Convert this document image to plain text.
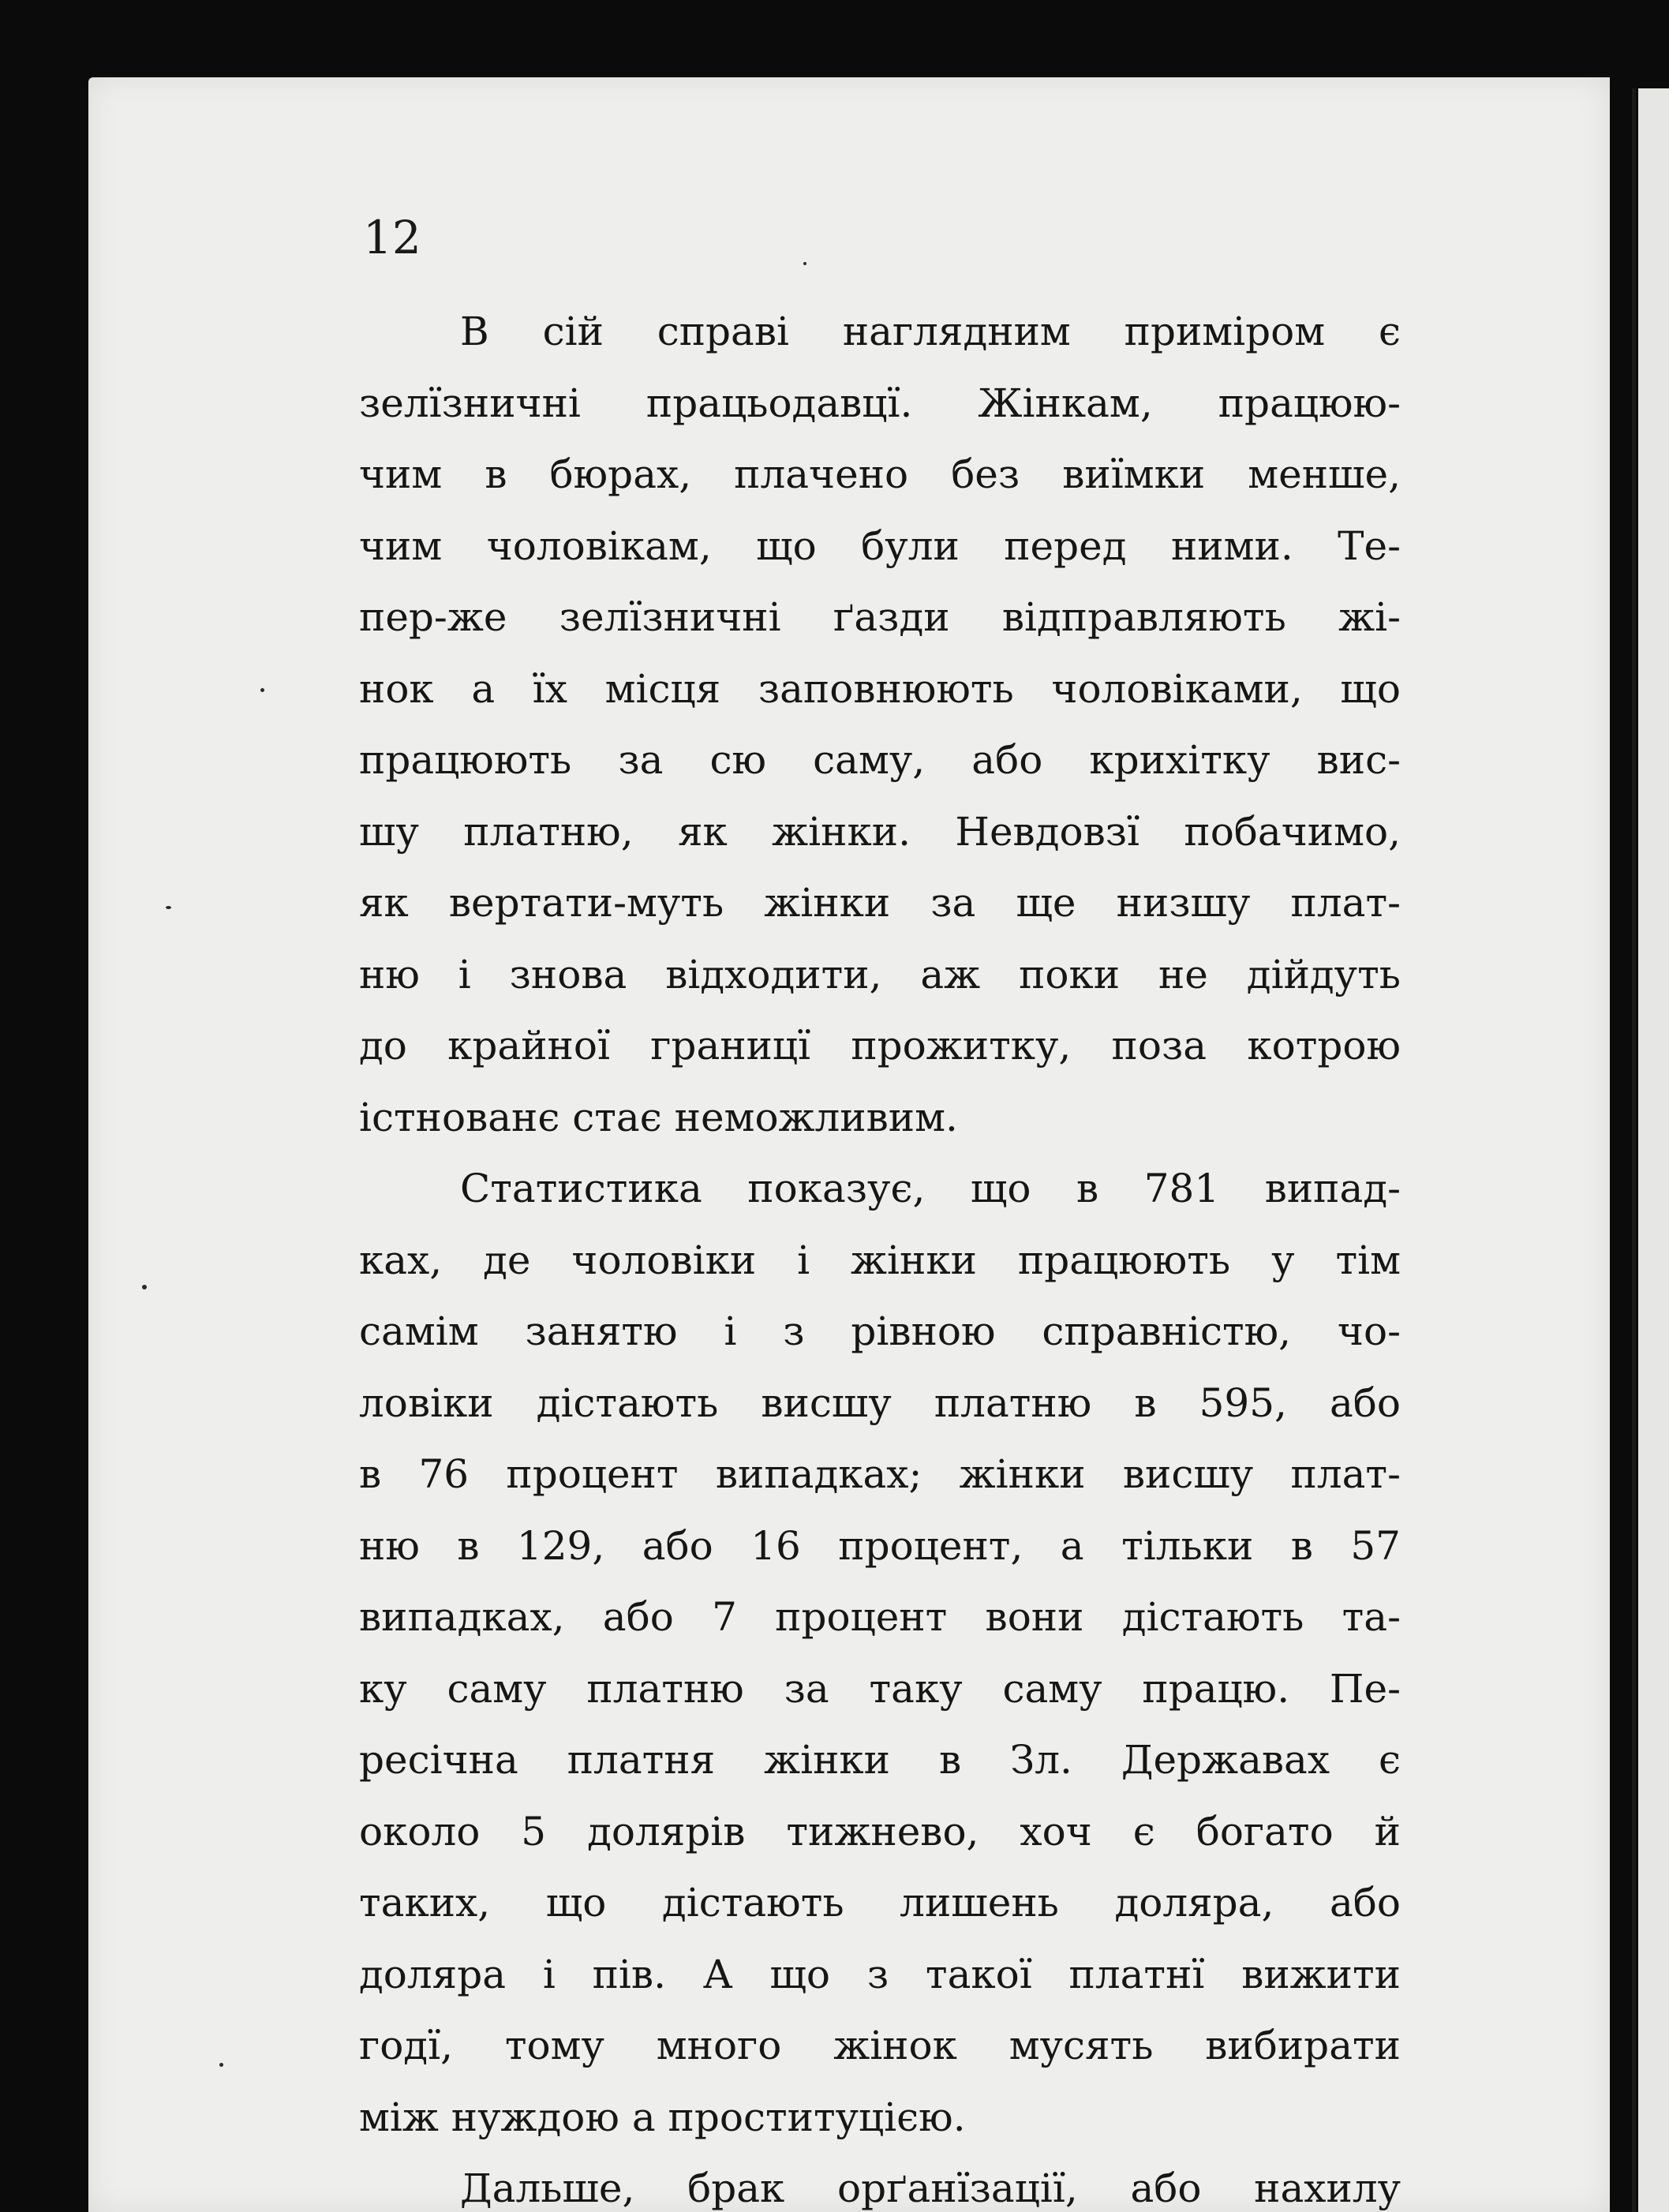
12

В сій справі наглядним приміром є
зелїзничні працьодавцї. Жінкам, працюю-
чим в бюрах, плачено без виїмки менше,
чим чоловікам, що були перед ними. Те-
пер-же зелїзничні ґазди відправляють жі-
нок а їх місця заповнюють чоловіками, що
працюють за сю саму, або крихітку вис-
шу платню, як жінки. Невдовзї побачимо,
як вертати-муть жінки за ще низшу плат-
ню і знова відходити, аж поки не дійдуть
до крайної границї прожитку, поза котрою
істнованє стає неможливим.

Статистика показує, що в 781 випад-
ках, де чоловіки і жінки працюють у тім
самім занятю і з рівною справністю, чо-
ловіки дістають висшу платню в 595, або
в 76 процент випадках; жінки висшу плат-
ню в 129, або 16 процент, а тільки в 57
випадках, або 7 процент вони дістають та-
ку саму платню за таку саму працю. Пе-
ресічна платня жінки в Зл. Державах є
около 5 долярів тижнево, хоч є богато й
таких, що дістають лишень доляра, або
доляра і пів. А що з такої платнї вижити
годї, тому много жінок мусять вибирати
між нуждою а проституцією.

Дальше, брак орґанїзації, або нахилу
